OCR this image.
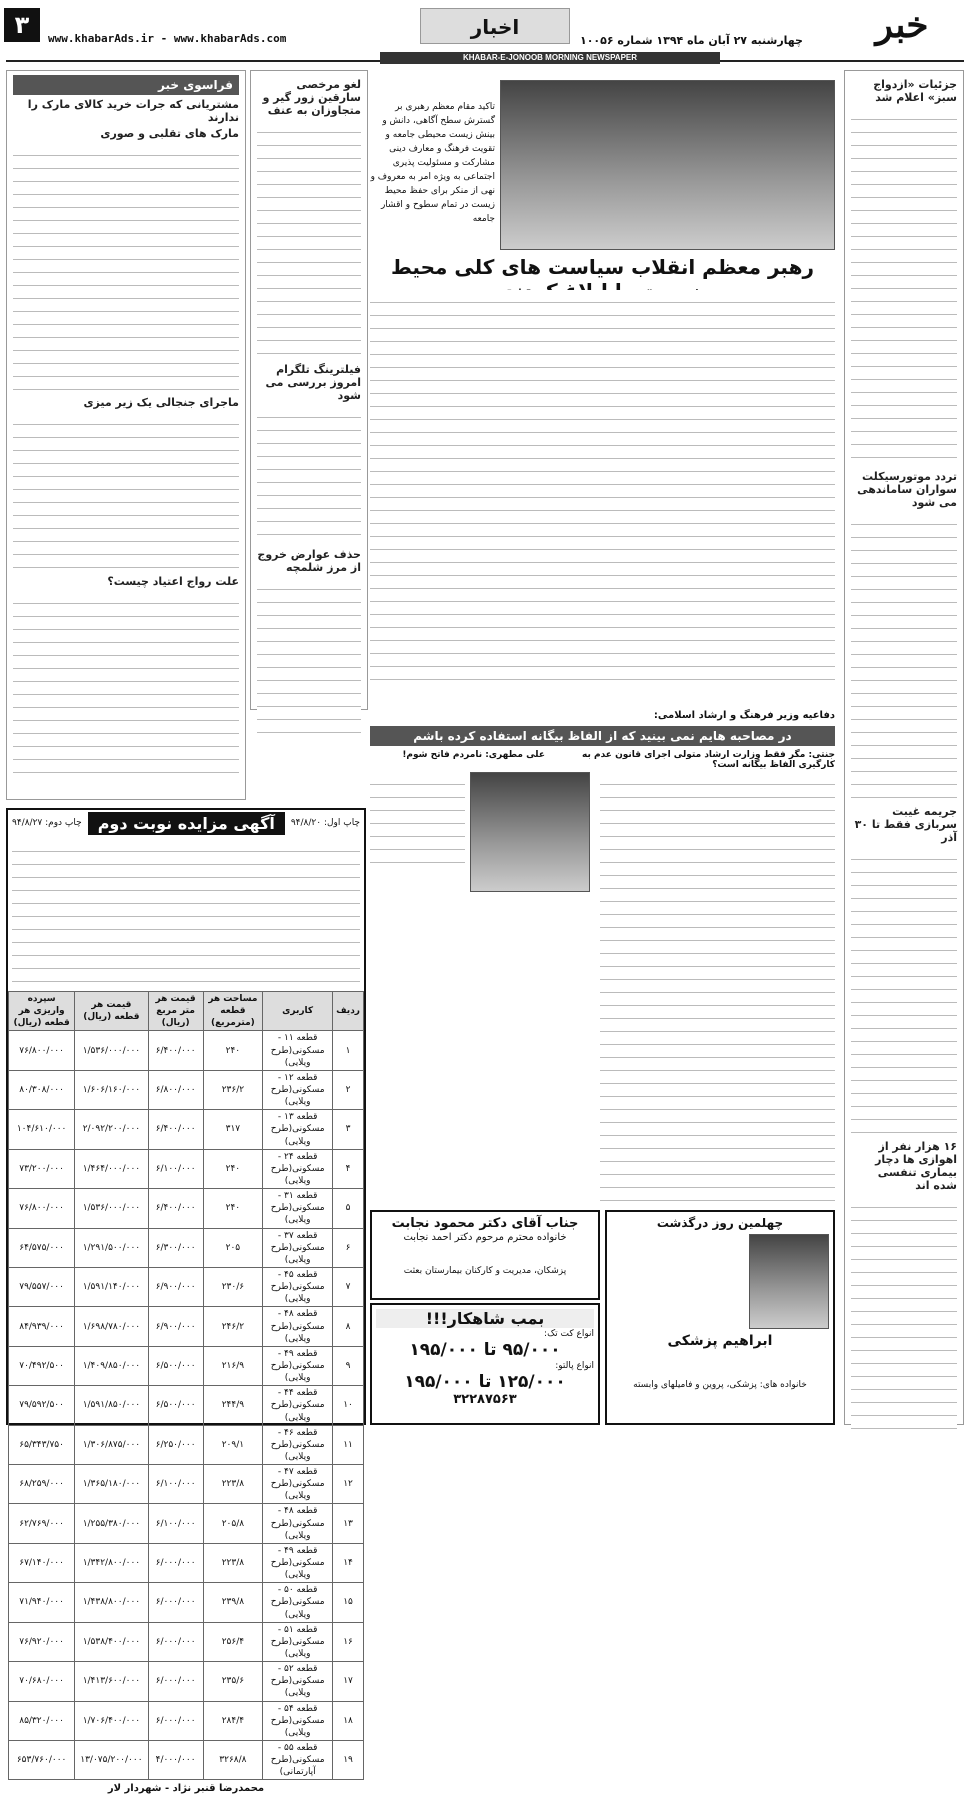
۳	www.khabarAds.ir - www.khabarAds.com	اخبار
چهارشنبه ۲۷ آبان ماه ۱۳۹۴ شماره ۱۰۰۵۶	خبر
KHABAR-E-JONOOB MORNING NEWSPAPER
جزئیات «ازدواج سبز» اعلام شد
تردد موتورسیکلت سواران ساماندهی می شود
جریمه غیبت سربازی فقط تا ۳۰ آذر
۱۶ هزار نفر از اهوازی ها دچار بیماری تنفسی شده اند
تاکید مقام معظم رهبری بر گسترش سطح آگاهی، دانش و بینش زیست محیطی جامعه و تقویت فرهنگ و معارف دینی مشارکت و مسئولیت پذیری اجتماعی به ویژه امر به معروف و نهی از منکر برای حفظ محیط زیست در تمام سطوح و اقشار جامعه
رهبر معظم انقلاب سیاست های کلی محیط
لغو مرخصی سارقین زور گیر و متجاوزان به عنف
فیلترینگ تلگرام امروز بررسی می شود
حذف عوارض خروج از مرز شلمچه
فراسوی خبر
مشتریانی که جرات خرید کالای مارک را ندارند
مارک های تقلبی و صوری
ماجرای جنجالی یک زیر میزی
علت رواج اعتیاد چیست؟
دفاعیه وزیر فرهنگ و ارشاد اسلامی:
در مصاحبه هایم نمی بینید که از الفاظ بیگانه استفاده کرده باشم
جنتی: مگر فقط وزارت ارشاد متولی اجرای قانون عدم به کارگیری الفاظ بیگانه است؟
علی مطهری: نامردم فاتح شوم!
چاپ اول: ۹۴/۸/۲۰
آگهی مزایده نوبت دوم
چاپ دوم: ۹۴/۸/۲۷
ردیف	کاربری	مساحت هر قطعه (مترمربع)	قیمت هر متر مربع (ریال)	قیمت هر قطعه (ریال)	سپرده واریزی هر قطعه (ریال)
۱	قطعه ۱۱ - مسکونی(طرح ویلایی)	۲۴۰	۶/۴۰۰/۰۰۰	۱/۵۳۶/۰۰۰/۰۰۰	۷۶/۸۰۰/۰۰۰
۲	قطعه ۱۲ - مسکونی(طرح ویلایی)	۲۳۶/۲	۶/۸۰۰/۰۰۰	۱/۶۰۶/۱۶۰/۰۰۰	۸۰/۳۰۸/۰۰۰
۳	قطعه ۱۳ - مسکونی(طرح ویلایی)	۳۱۷	۶/۴۰۰/۰۰۰	۲/۰۹۲/۲۰۰/۰۰۰	۱۰۴/۶۱۰/۰۰۰
۴	قطعه ۲۴ - مسکونی(طرح ویلایی)	۲۴۰	۶/۱۰۰/۰۰۰	۱/۴۶۴/۰۰۰/۰۰۰	۷۳/۲۰۰/۰۰۰
۵	قطعه ۳۱ - مسکونی(طرح ویلایی)	۲۴۰	۶/۴۰۰/۰۰۰	۱/۵۳۶/۰۰۰/۰۰۰	۷۶/۸۰۰/۰۰۰
۶	قطعه ۳۷ - مسکونی(طرح ویلایی)	۲۰۵	۶/۳۰۰/۰۰۰	۱/۲۹۱/۵۰۰/۰۰۰	۶۴/۵۷۵/۰۰۰
۷	قطعه ۴۵ - مسکونی(طرح ویلایی)	۲۳۰/۶	۶/۹۰۰/۰۰۰	۱/۵۹۱/۱۴۰/۰۰۰	۷۹/۵۵۷/۰۰۰
۸	قطعه ۴۸ - مسکونی(طرح ویلایی)	۲۴۶/۲	۶/۹۰۰/۰۰۰	۱/۶۹۸/۷۸۰/۰۰۰	۸۴/۹۳۹/۰۰۰
۹	قطعه ۴۹ - مسکونی(طرح ویلایی)	۲۱۶/۹	۶/۵۰۰/۰۰۰	۱/۴۰۹/۸۵۰/۰۰۰	۷۰/۴۹۲/۵۰۰
۱۰	قطعه ۴۴ - مسکونی(طرح ویلایی)	۲۴۴/۹	۶/۵۰۰/۰۰۰	۱/۵۹۱/۸۵۰/۰۰۰	۷۹/۵۹۲/۵۰۰
۱۱	قطعه ۴۶ - مسکونی(طرح ویلایی)	۲۰۹/۱	۶/۲۵۰/۰۰۰	۱/۳۰۶/۸۷۵/۰۰۰	۶۵/۳۴۳/۷۵۰
۱۲	قطعه ۴۷ - مسکونی(طرح ویلایی)	۲۲۳/۸	۶/۱۰۰/۰۰۰	۱/۳۶۵/۱۸۰/۰۰۰	۶۸/۲۵۹/۰۰۰
۱۳	قطعه ۴۸ - مسکونی(طرح ویلایی)	۲۰۵/۸	۶/۱۰۰/۰۰۰	۱/۲۵۵/۳۸۰/۰۰۰	۶۲/۷۶۹/۰۰۰
۱۴	قطعه ۴۹ - مسکونی(طرح ویلایی)	۲۲۳/۸	۶/۰۰۰/۰۰۰	۱/۳۴۲/۸۰۰/۰۰۰	۶۷/۱۴۰/۰۰۰
۱۵	قطعه ۵۰ - مسکونی(طرح ویلایی)	۲۳۹/۸	۶/۰۰۰/۰۰۰	۱/۴۳۸/۸۰۰/۰۰۰	۷۱/۹۴۰/۰۰۰
۱۶	قطعه ۵۱ - مسکونی(طرح ویلایی)	۲۵۶/۴	۶/۰۰۰/۰۰۰	۱/۵۳۸/۴۰۰/۰۰۰	۷۶/۹۲۰/۰۰۰
۱۷	قطعه ۵۲ - مسکونی(طرح ویلایی)	۲۳۵/۶	۶/۰۰۰/۰۰۰	۱/۴۱۳/۶۰۰/۰۰۰	۷۰/۶۸۰/۰۰۰
۱۸	قطعه ۵۴ - مسکونی(طرح ویلایی)	۲۸۴/۴	۶/۰۰۰/۰۰۰	۱/۷۰۶/۴۰۰/۰۰۰	۸۵/۳۲۰/۰۰۰
۱۹	قطعه ۵۵ - مسکونی(طرح آپارتمانی)	۳۲۶۸/۸	۴/۰۰۰/۰۰۰	۱۳/۰۷۵/۲۰۰/۰۰۰	۶۵۳/۷۶۰/۰۰۰
محمدرضا قنبر نژاد - شهردار لار
جناب آقای دکتر محمود نجابت
خانواده محترم مرحوم دکتر احمد نجابت
پزشکان، مدیریت و کارکنان بیمارستان بعثت
بمب شاهکار!!!
انواع کت تک:
۹۵/۰۰۰ تا ۱۹۵/۰۰۰
انواع پالتو:
۱۲۵/۰۰۰ تا ۱۹۵/۰۰۰
۳۲۲۸۷۵۶۳
چهلمین روز درگذشت
ابراهیم پزشکی
خانواده های: پزشکی، پروین و فامیلهای وابسته
